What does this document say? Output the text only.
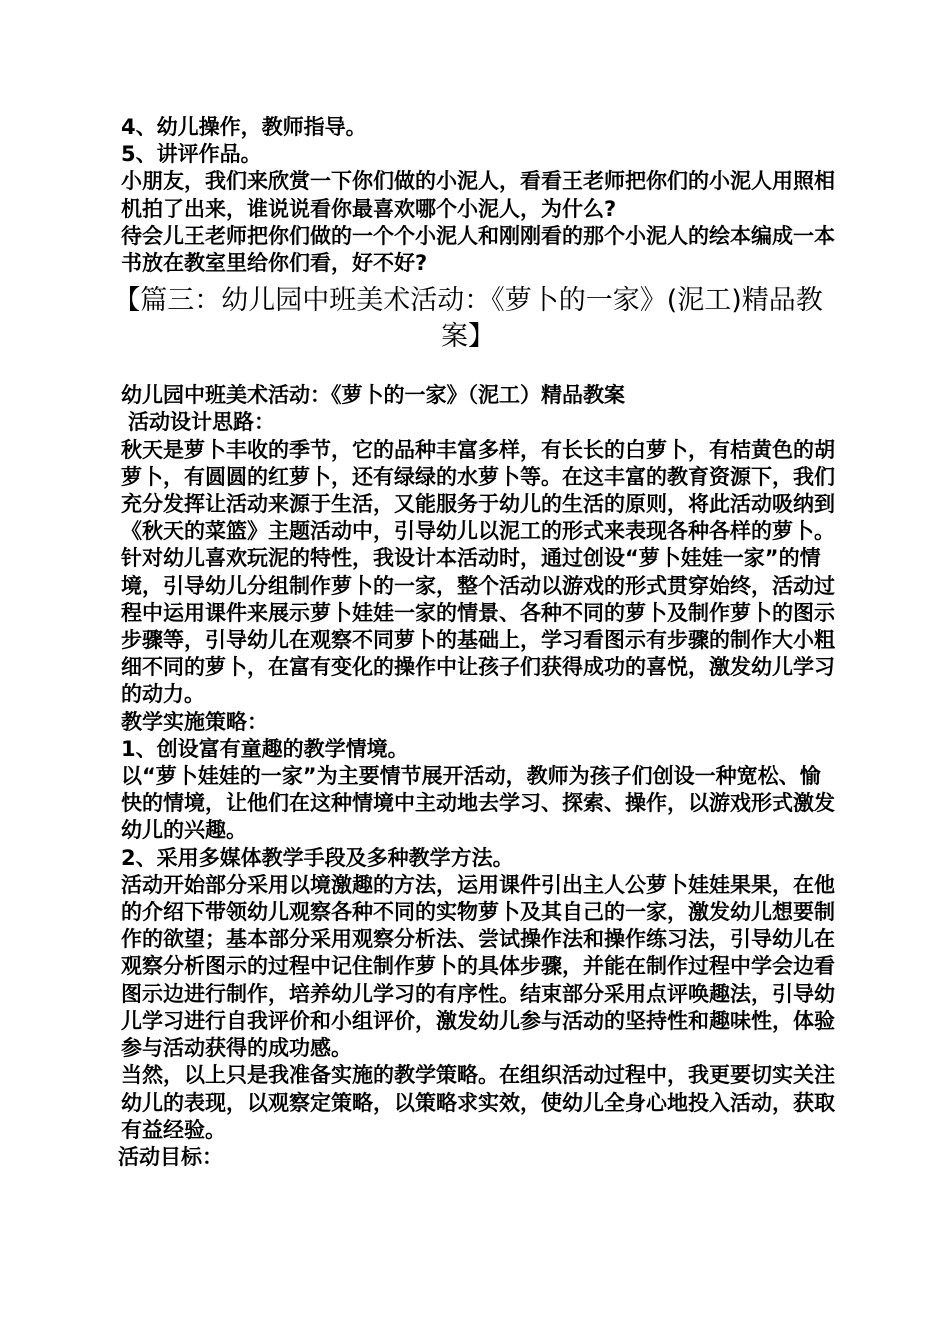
4、幼儿操作，教师指导。

5、讲评作品。

小朋友，我们来欣赏一下你们做的小泥人，看看王老师把你们的小泥人用照相机拍了出来，谁说说看你最喜欢哪个小泥人，为什么?

待会儿王老师把你们做的一个个小泥人和刚刚看的那个小泥人的绘本编成一本书放在教室里给你们看，好不好?

【篇三：幼儿园中班美术活动：《萝卜的一家》(泥工)精品教案】

幼儿园中班美术活动：《萝卜的一家》（泥工）精品教案

活动设计思路：

秋天是萝卜丰收的季节，它的品种丰富多样，有长长的白萝卜，有桔黄色的胡萝卜，有圆圆的红萝卜，还有绿绿的水萝卜等。在这丰富的教育资源下，我们充分发挥让活动来源于生活，又能服务于幼儿的生活的原则，将此活动吸纳到《秋天的菜篮》主题活动中，引导幼儿以泥工的形式来表现各种各样的萝卜。针对幼儿喜欢玩泥的特性，我设计本活动时，通过创设“萝卜娃娃一家”的情境，引导幼儿分组制作萝卜的一家，整个活动以游戏的形式贯穿始终，活动过程中运用课件来展示萝卜娃娃一家的情景、各种不同的萝卜及制作萝卜的图示步骤等，引导幼儿在观察不同萝卜的基础上，学习看图示有步骤的制作大小粗细不同的萝卜，在富有变化的操作中让孩子们获得成功的喜悦，激发幼儿学习的动力。

教学实施策略：

1、创设富有童趣的教学情境。

以“萝卜娃娃的一家”为主要情节展开活动，教师为孩子们创设一种宽松、愉快的情境，让他们在这种情境中主动地去学习、探索、操作，以游戏形式激发幼儿的兴趣。

2、采用多媒体教学手段及多种教学方法。

活动开始部分采用以境激趣的方法，运用课件引出主人公萝卜娃娃果果，在他的介绍下带领幼儿观察各种不同的实物萝卜及其自己的一家，激发幼儿想要制作的欲望；基本部分采用观察分析法、尝试操作法和操作练习法，引导幼儿在观察分析图示的过程中记住制作萝卜的具体步骤，并能在制作过程中学会边看图示边进行制作，培养幼儿学习的有序性。结束部分采用点评唤趣法，引导幼儿学习进行自我评价和小组评价，激发幼儿参与活动的坚持性和趣味性，体验参与活动获得的成功感。

当然，以上只是我准备实施的教学策略。在组织活动过程中，我更要切实关注幼儿的表现，以观察定策略，以策略求实效，使幼儿全身心地投入活动，获取有益经验。

活动目标：
